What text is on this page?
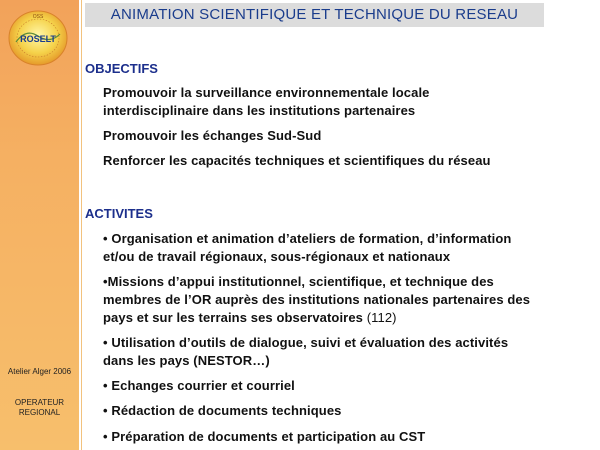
OSS
ROSELT
Atelier Alger 2006
OPERATEUR
REGIONAL
ANIMATION SCIENTIFIQUE ET TECHNIQUE DU RESEAU
OBJECTIFS
Promouvoir la surveillance environnementale locale
interdisciplinaire dans les institutions partenaires
Promouvoir les échanges Sud-Sud
Renforcer les capacités techniques et scientifiques du réseau
ACTIVITES
• Organisation et animation d’ateliers de formation, d’information
et/ou de travail régionaux, sous-régionaux et nationaux
•Missions d’appui institutionnel, scientifique, et technique des
membres de l’OR auprès des institutions nationales partenaires des
pays et sur les terrains ses observatoires (112)
• Utilisation d’outils de dialogue, suivi et évaluation des activités
dans les pays (NESTOR…)
• Echanges courrier et courriel
• Rédaction de documents techniques
• Préparation de documents et participation au CST
